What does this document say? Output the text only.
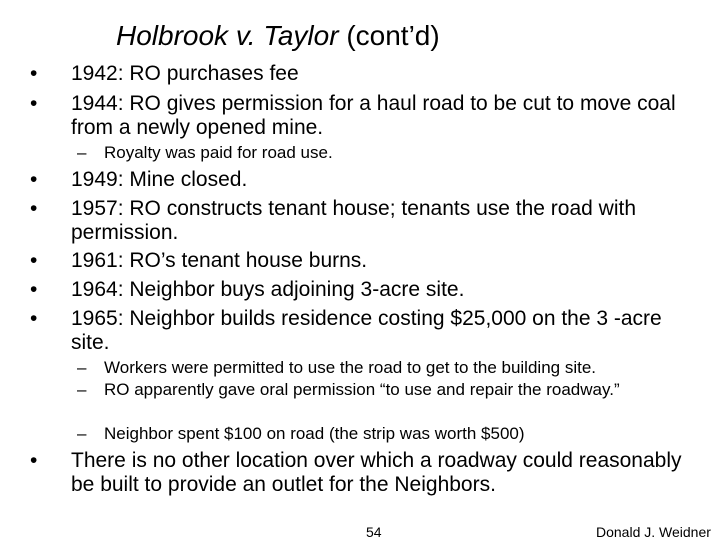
Holbrook v. Taylor (cont’d)
• 1942: RO purchases fee
• 1944: RO gives permission for a haul road to be cut to move coal from a newly opened mine.
– Royalty was paid for road use.
• 1949: Mine closed.
• 1957: RO constructs tenant house; tenants use the road with permission.
• 1961: RO’s tenant house burns.
• 1964: Neighbor buys adjoining 3-acre site.
• 1965: Neighbor builds residence costing $25,000 on the 3 -acre site.
– Workers were permitted to use the road to get to the building site.
– RO apparently gave oral permission “to use and repair the roadway.”
– Neighbor spent $100 on road (the strip was worth $500)
• There is no other location over which a roadway could reasonably be built to provide an outlet for the Neighbors.
54	Donald J. Weidner
